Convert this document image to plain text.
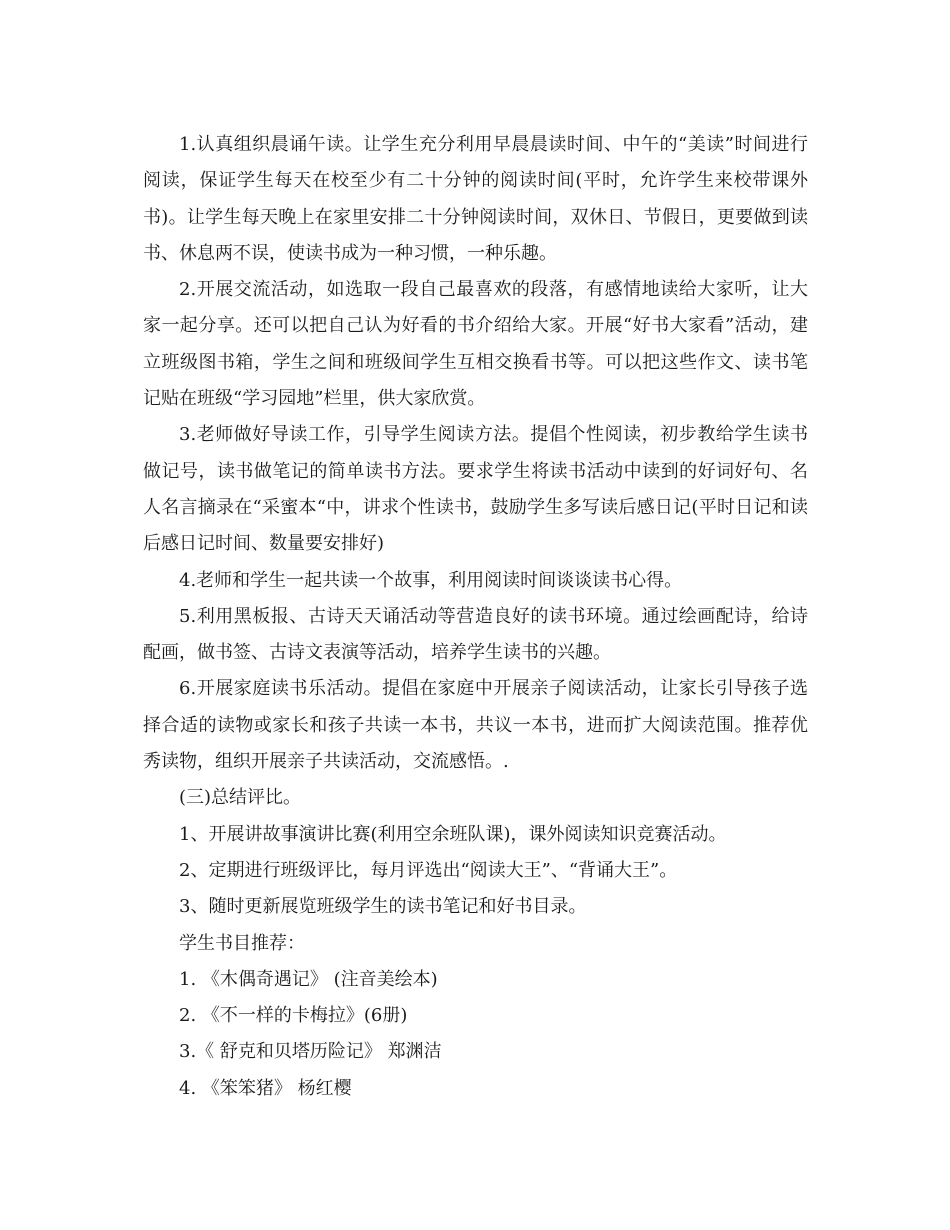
1.认真组织晨诵午读。让学生充分利用早晨晨读时间、中午的“美读”时间进行阅读，保证学生每天在校至少有二十分钟的阅读时间(平时，允许学生来校带课外书)。让学生每天晚上在家里安排二十分钟阅读时间，双休日、节假日，更要做到读书、休息两不误，使读书成为一种习惯，一种乐趣。

2.开展交流活动，如选取一段自己最喜欢的段落，有感情地读给大家听，让大家一起分享。还可以把自己认为好看的书介绍给大家。开展“好书大家看”活动，建立班级图书箱，学生之间和班级间学生互相交换看书等。可以把这些作文、读书笔记贴在班级“学习园地”栏里，供大家欣赏。

3.老师做好导读工作，引导学生阅读方法。提倡个性阅读，初步教给学生读书做记号，读书做笔记的简单读书方法。要求学生将读书活动中读到的好词好句、名人名言摘录在“采蜜本“中，讲求个性读书，鼓励学生多写读后感日记(平时日记和读后感日记时间、数量要安排好)

4.老师和学生一起共读一个故事，利用阅读时间谈谈读书心得。

5.利用黑板报、古诗天天诵活动等营造良好的读书环境。通过绘画配诗，给诗配画，做书签、古诗文表演等活动，培养学生读书的兴趣。

6.开展家庭读书乐活动。提倡在家庭中开展亲子阅读活动，让家长引导孩子选择合适的读物或家长和孩子共读一本书，共议一本书，进而扩大阅读范围。推荐优秀读物，组织开展亲子共读活动，交流感悟。.

(三)总结评比。

1、开展讲故事演讲比赛(利用空余班队课)，课外阅读知识竞赛活动。

2、定期进行班级评比，每月评选出“阅读大王”、“背诵大王”。

3、随时更新展览班级学生的读书笔记和好书目录。

学生书目推荐：

1. 《木偶奇遇记》 (注音美绘本)

2. 《不一样的卡梅拉》(6册)

3.《 舒克和贝塔历险记》 郑渊洁

4. 《笨笨猪》 杨红樱
